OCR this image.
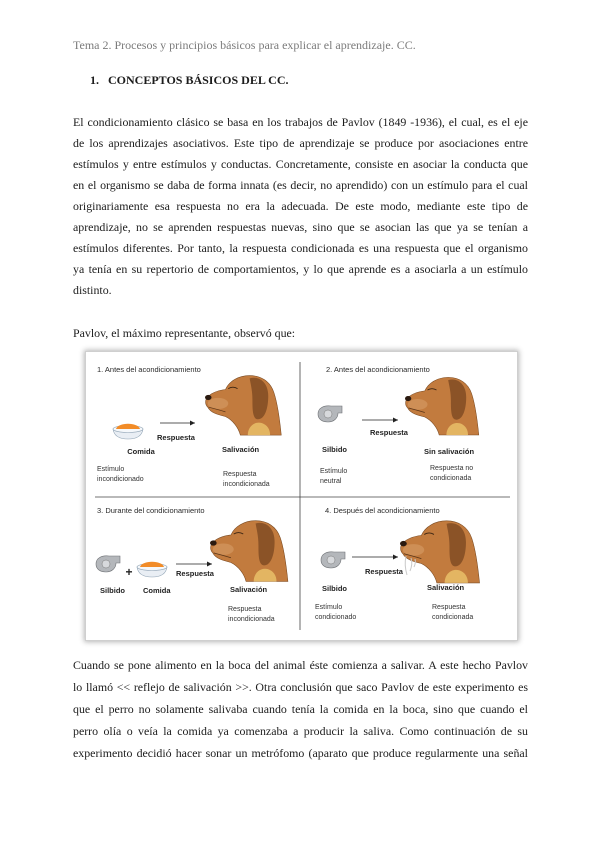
Tema 2. Procesos y principios básicos para explicar el aprendizaje. CC.
1. CONCEPTOS BÁSICOS DEL CC.
El condicionamiento clásico se basa en los trabajos de Pavlov (1849 -1936), el cual, es el eje
de los aprendizajes asociativos. Este tipo de aprendizaje se produce por asociaciones entre
estímulos y entre estímulos y conductas. Concretamente, consiste en asociar la conducta que
en el organismo se daba de forma innata (es decir, no aprendido) con un estímulo para el cual
originariamente esa respuesta no era la adecuada. De este modo, mediante este tipo de
aprendizaje, no se aprenden respuestas nuevas, sino que se asocian las que ya se tenían a
estímulos diferentes. Por tanto, la respuesta condicionada es una respuesta que el organismo
ya tenía en su repertorio de comportamientos, y lo que aprende es a asociarla a un estímulo
distinto.
Pavlov, el máximo representante, observó que:
1. Antes del acondicionamiento
Comida
Respuesta
Salivación
Estímulo
incondicionado
Respuesta
incondicionada
2. Antes del acondicionamiento
Silbido
Respuesta
Sin salivación
Estímulo
neutral
Respuesta no
condicionada
3. Durante del condicionamiento
+	Respuesta
Silbido Comida	Salivación
Respuesta
incondicionada
4. Después del acondicionamiento
Respuesta
Silbido	Salivación
Estímulo
condicionado
Respuesta
condicionada
Cuando se pone alimento en la boca del animal éste comienza a salivar. A este hecho Pavlov
lo llamó << reflejo de salivación >>. Otra conclusión que saco Pavlov de este experimento es
que el perro no solamente salivaba cuando tenía la comida en la boca, sino que cuando el
perro olía o veía la comida ya comenzaba a producir la saliva. Como continuación de su
experimento decidió hacer sonar un metrófomo (aparato que produce regularmente una señal
